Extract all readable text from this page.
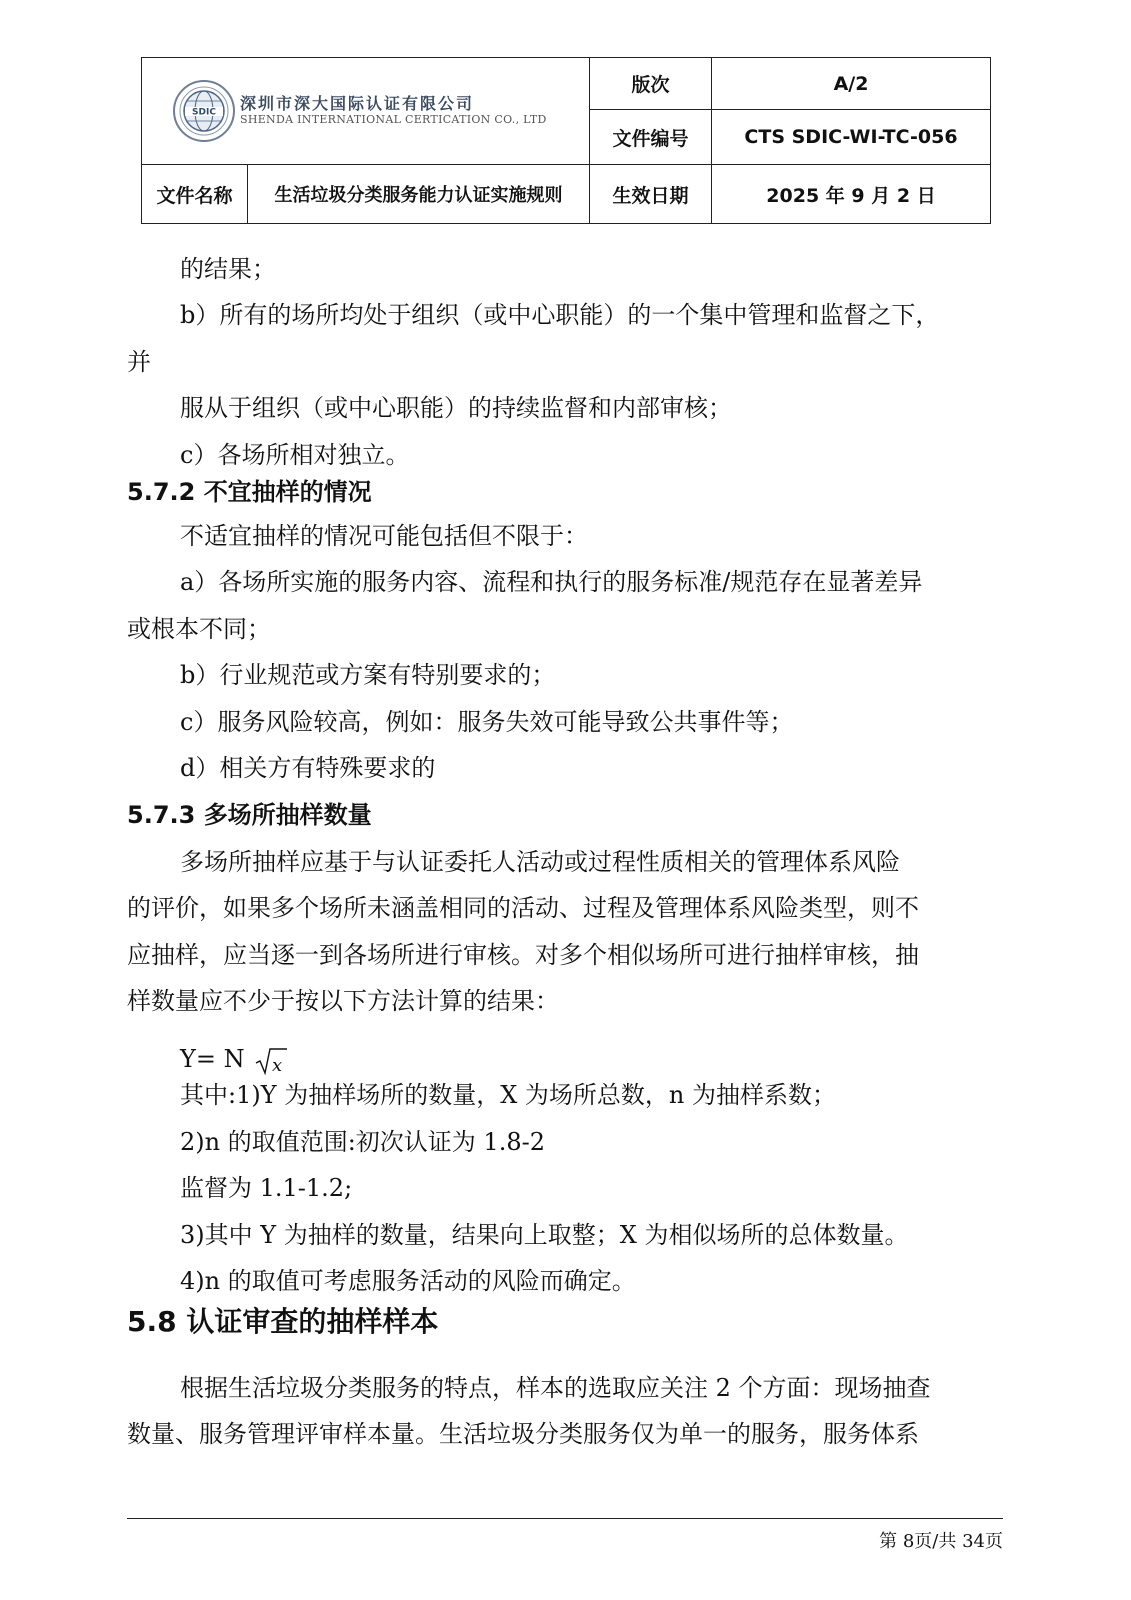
SDIC 深圳市深大国际认证有限公司
SHENDA INTERNATIONAL CERTICATION CO., LTD		版次	A/2
		文件编号	CTS SDIC-WI-TC-056
文件名称	生活垃圾分类服务能力认证实施规则	生效日期	2025 年 9 月 2 日
的结果；
b）所有的场所均处于组织（或中心职能）的一个集中管理和监督之下，
并
服从于组织（或中心职能）的持续监督和内部审核；
c）各场所相对独立。
5.7.2 不宜抽样的情况
不适宜抽样的情况可能包括但不限于：
a）各场所实施的服务内容、流程和执行的服务标准/规范存在显著差异
或根本不同；
b）行业规范或方案有特别要求的；
c）服务风险较高，例如：服务失效可能导致公共事件等；
d）相关方有特殊要求的
5.7.3 多场所抽样数量
多场所抽样应基于与认证委托人活动或过程性质相关的管理体系风险
的评价，如果多个场所未涵盖相同的活动、过程及管理体系风险类型，则不
应抽样，应当逐一到各场所进行审核。对多个相似场所可进行抽样审核，抽
样数量应不少于按以下方法计算的结果：
Y= N x
其中:1)Y 为抽样场所的数量，X 为场所总数，n 为抽样系数；
2)n 的取值范围:初次认证为 1.8-2
监督为 1.1-1.2;
3)其中 Y 为抽样的数量，结果向上取整；X 为相似场所的总体数量。
4)n 的取值可考虑服务活动的风险而确定。
5.8 认证审查的抽样样本
根据生活垃圾分类服务的特点，样本的选取应关注 2 个方面：现场抽查
数量、服务管理评审样本量。生活垃圾分类服务仅为单一的服务，服务体系
第 8页/共 34页
